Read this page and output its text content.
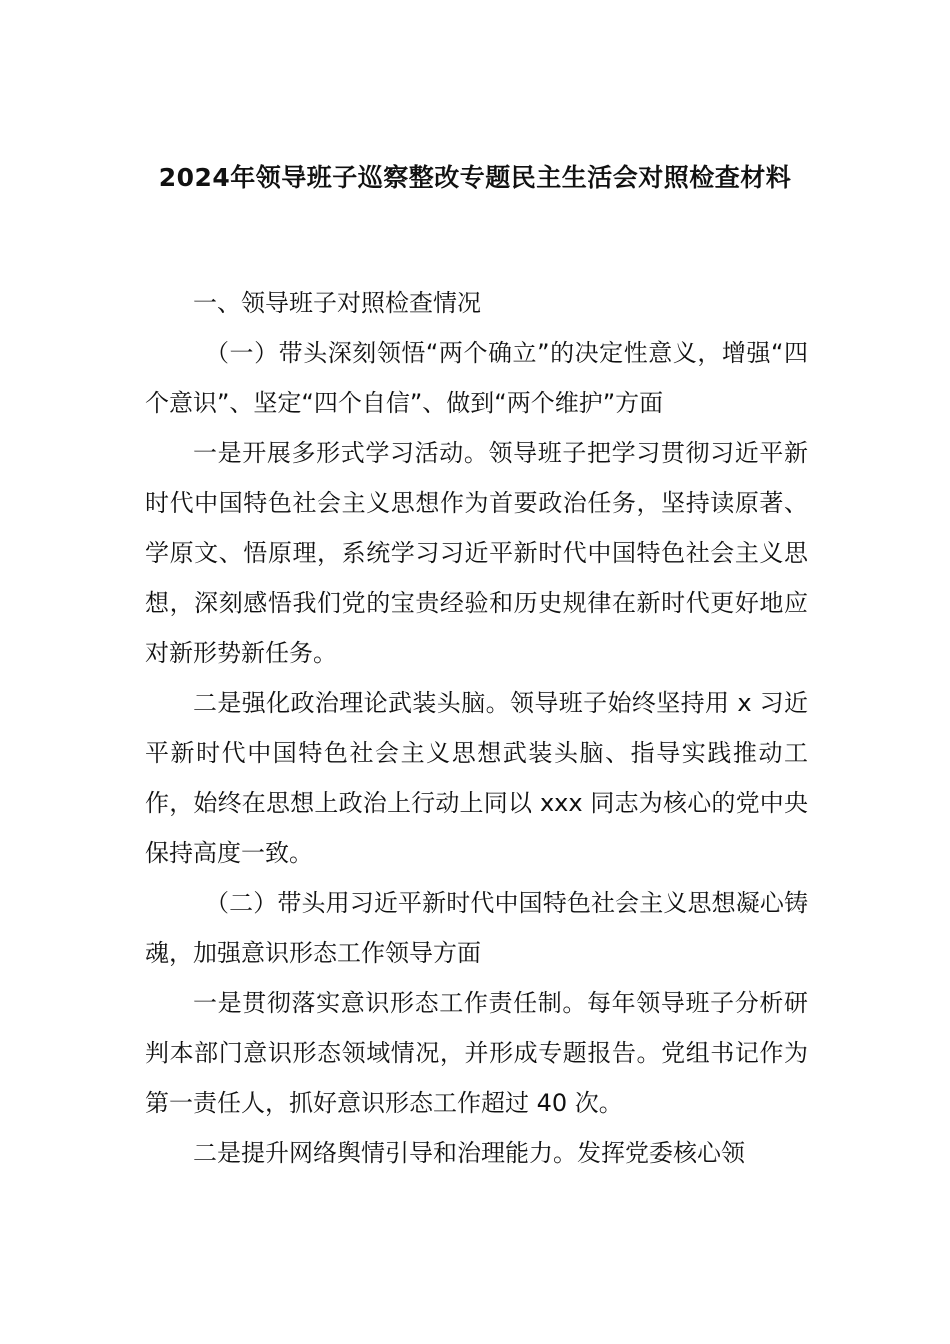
2024年领导班子巡察整改专题民主生活会对照检查材料

一、领导班子对照检查情况

（一）带头深刻领悟“两个确立”的决定性意义，增强“四个意识”、坚定“四个自信”、做到“两个维护”方面

一是开展多形式学习活动。领导班子把学习贯彻习近平新时代中国特色社会主义思想作为首要政治任务，坚持读原著、学原文、悟原理，系统学习习近平新时代中国特色社会主义思想，深刻感悟我们党的宝贵经验和历史规律在新时代更好地应对新形势新任务。

二是强化政治理论武装头脑。领导班子始终坚持用 x 习近平新时代中国特色社会主义思想武装头脑、指导实践推动工作，始终在思想上政治上行动上同以 xxx 同志为核心的党中央保持高度一致。

（二）带头用习近平新时代中国特色社会主义思想凝心铸魂，加强意识形态工作领导方面

一是贯彻落实意识形态工作责任制。每年领导班子分析研判本部门意识形态领域情况，并形成专题报告。党组书记作为第一责任人，抓好意识形态工作超过 40 次。

二是提升网络舆情引导和治理能力。发挥党委核心领
